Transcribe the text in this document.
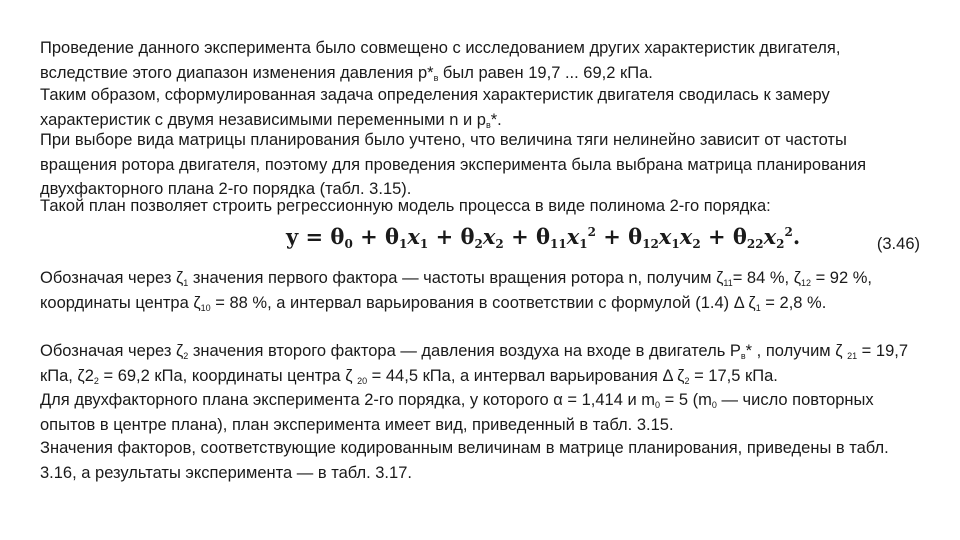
Проведение данного эксперимента было совмещено с исследованием других характеристик двигателя, вследствие этого диапазон изменения давления $р*_в$ был равен 19,7 ... 69,2 кПа.
Таким образом, сформулированная задача определения характеристик двигателя сводилась к замеру характеристик с двумя независимыми переменными n и $р_в*$.
При выборе вида матрицы планирования было учтено, что величина тяги нелинейно зависит от частоты вращения ротора двигателя, поэтому для проведения эксперимента была выбрана матрица планирования двухфакторного плана 2-го порядка (табл. 3.15).
Такой план позволяет строить регрессионную модель процесса в виде полинома 2-го порядка:
$y = \theta_0 + \theta_1x_1 + \theta_2x_2 + \theta_{11}x_1^2 + \theta_{12}x_1x_2 + \theta_{22}x_2^2$.	(3.46)
Обозначая через $\zeta_1$ значения первого фактора — частоты вращения ротора n, получим $\zeta_{11}= 84$ %, $\zeta_{12} = 92$ %, координаты центра $\zeta_{10} = 88$ %, а интервал варьирования в соответствии с формулой (1.4) Δ $\zeta_1 = 2,8$ %.
Обозначая через $\zeta_2$ значения второго фактора — давления воздуха на входе в двигатель $Р_в*$ , получим ζ $_{21}$ = 19,7 кПа, $\zeta 2_2 = 69,2$ кПа, координаты центра ζ $_{20}$ = 44,5 кПа, а интервал варьирования Δ $\zeta_2 = 17,5$ кПа.
Для двухфакторного плана эксперимента 2-го порядка, у которого α = 1,414 и $m_0 = 5$ ($m_0$ — число повторных опытов в центре плана), план эксперимента имеет вид, приведенный в табл. 3.15.
Значения факторов, соответствующие кодированным величинам в матрице планирования, приведены в табл. 3.16, а результаты эксперимента — в табл. 3.17.
